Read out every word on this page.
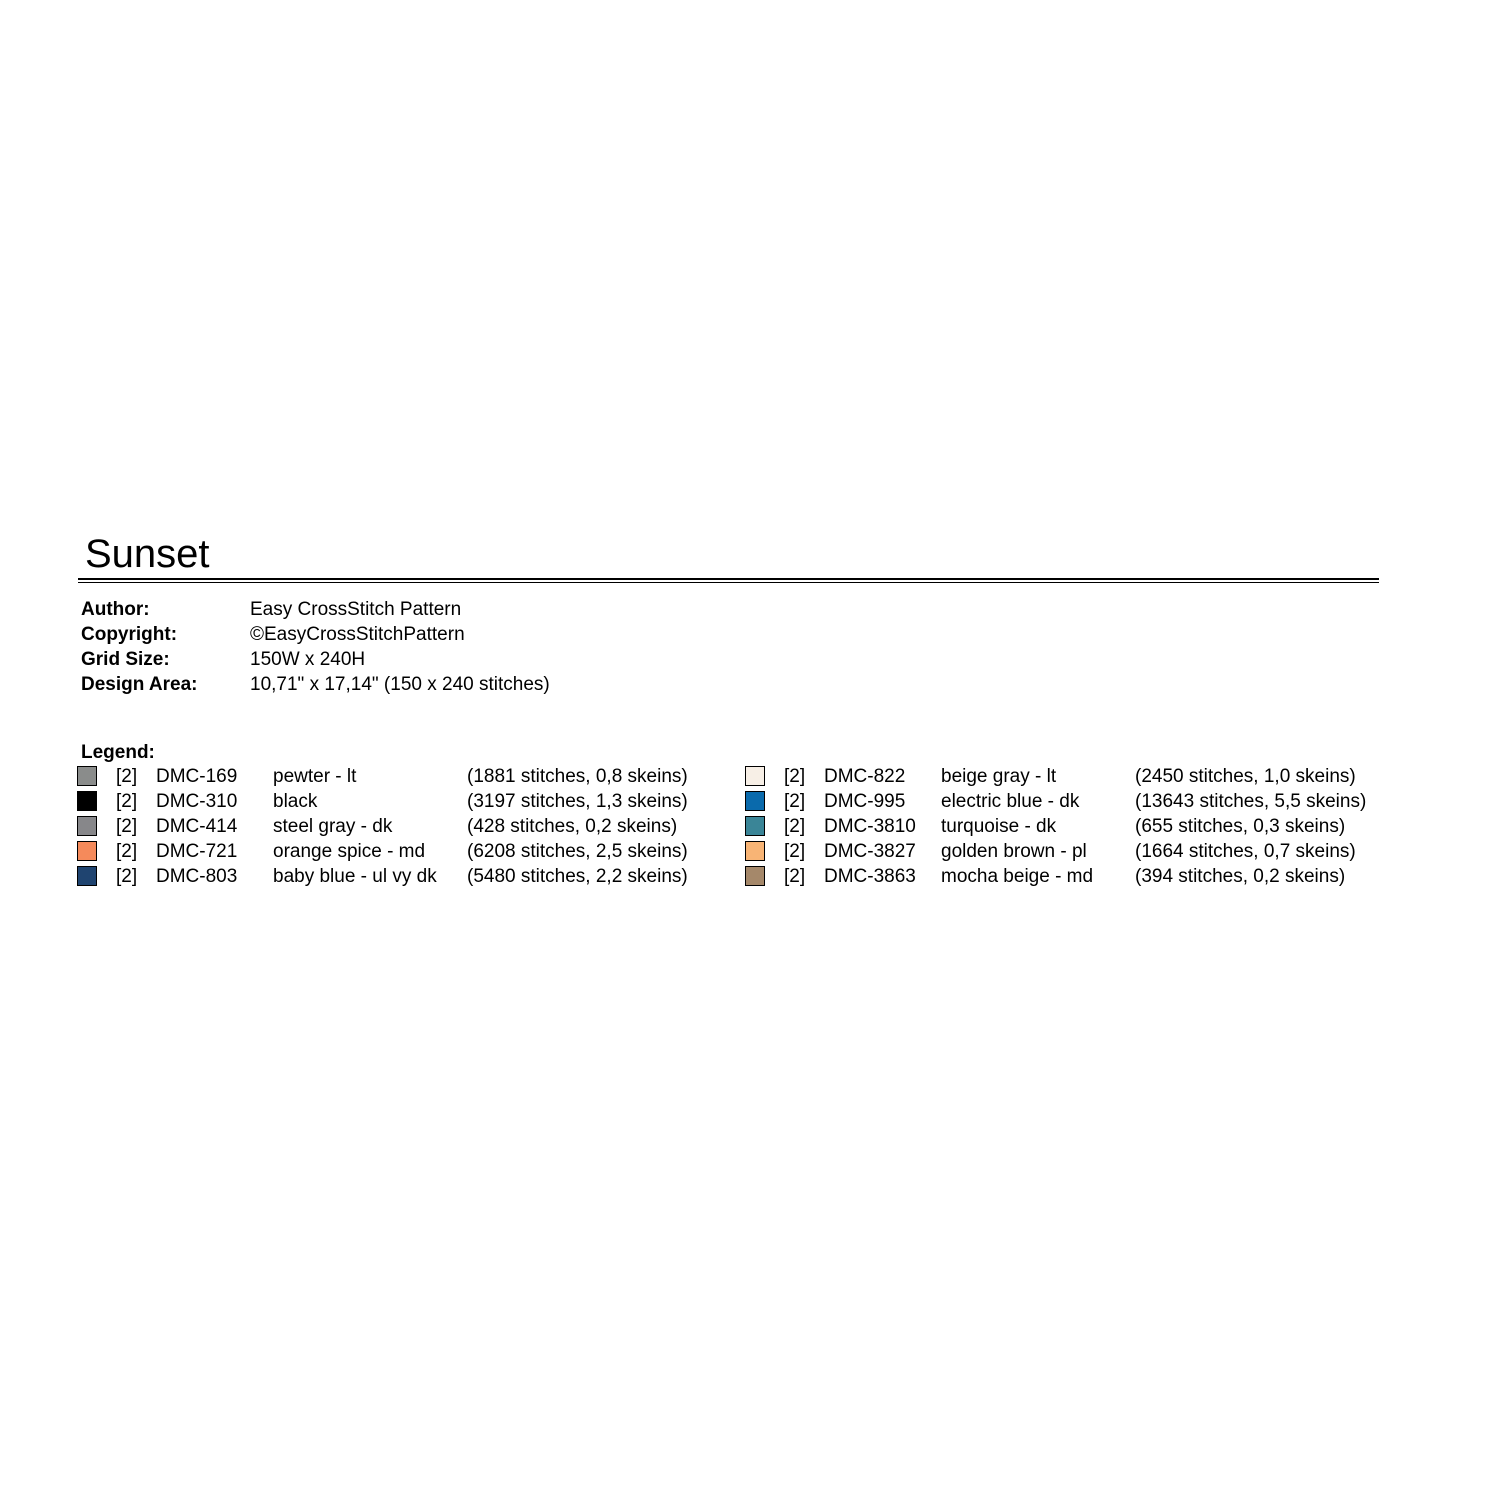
Sunset
Author:	Easy CrossStitch Pattern
Copyright:	©EasyCrossStitchPattern
Grid Size:	150W x 240H
Design Area:	10,71" x 17,14" (150 x 240 stitches)
Legend:
[2] DMC-169 pewter - lt	(1881 stitches, 0,8 skeins)
[2] DMC-310 black	(3197 stitches, 1,3 skeins)
[2] DMC-414 steel gray - dk	(428 stitches, 0,2 skeins)
[2] DMC-721 orange spice - md (6208 stitches, 2,5 skeins)
[2] DMC-803 baby blue - ul vy dk (5480 stitches, 2,2 skeins)
[2] DMC-822 beige gray - lt	(2450 stitches, 1,0 skeins)
[2] DMC-995 electric blue - dk	(13643 stitches, 5,5 skeins)
[2] DMC-3810 turquoise - dk	(655 stitches, 0,3 skeins)
[2] DMC-3827 golden brown - pl	(1664 stitches, 0,7 skeins)
[2] DMC-3863 mocha beige - md (394 stitches, 0,2 skeins)
